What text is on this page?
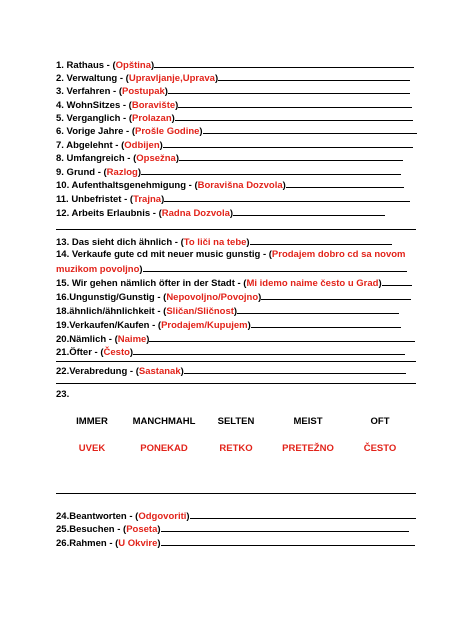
1. Rathaus - (Opština)
2. Verwaltung - (Upravljanje,Uprava)
3. Verfahren - (Postupak)
4. WohnSitzes - (Boravište)
5. Verganglich - (Prolazan)
6. Vorige Jahre - (Prošle Godine)
7. Abgelehnt - (Odbijen)
8. Umfangreich - (Opsežna)
9. Grund - (Razlog)
10. Aufenthaltsgenehmigung - (Boravišna Dozvola)
11. Unbefristet - (Trajna)
12. Arbeits Erlaubnis - (Radna Dozvola)
13. Das sieht dich ähnlich - (To liči na tebe)
14. Verkaufe gute cd mit neuer music gunstig - (Prodajem dobro cd sa novom
muzikom povoljno)
15. Wir gehen nämlich öfter in der Stadt - (Mi idemo naime često u Grad)
16.Ungunstig/Gunstig - (Nepovoljno/Povojno)
18.ähnlich/ähnlichkeit - (Sličan/Sličnost)
19.Verkaufen/Kaufen - (Prodajem/Kupujem)
20.Nämlich - (Naime)
21.Öfter - (Često)
22.Verabredung - (Sastanak)
23.
IMMER	MANCHMAHL	SELTEN	MEIST	OFT
UVEK	PONEKAD	RETKO	PRETEŽNO	ČESTO
24.Beantworten - (Odgovoriti)
25.Besuchen - (Poseta)
26.Rahmen - (U Okvire)
